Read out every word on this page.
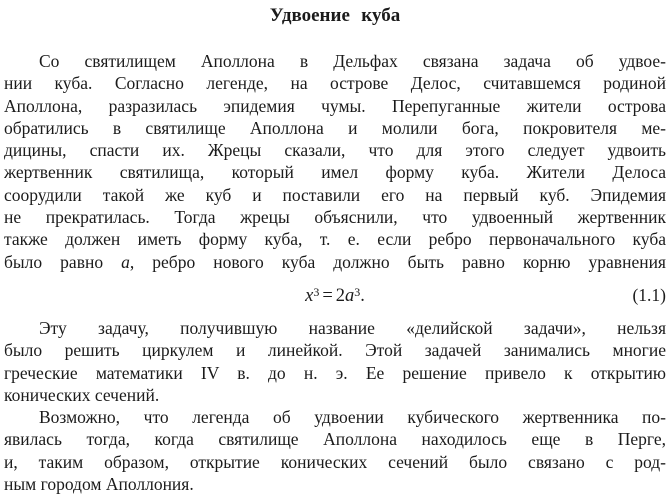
Удвоение куба
Со святилищем Аполлона в Дельфах связана задача об удвое-
нии куба. Согласно легенде, на острове Делос, считавшемся родиной
Аполлона, разразилась эпидемия чумы. Перепуганные жители острова
обратились в святилище Аполлона и молили бога, покровителя ме-
дицины, спасти их. Жрецы сказали, что для этого следует удвоить
жертвенник святилища, который имел форму куба. Жители Делоса
соорудили такой же куб и поставили его на первый куб. Эпидемия
не прекратилась. Тогда жрецы объяснили, что удвоенный жертвенник
также должен иметь форму куба, т. е. если ребро первоначального куба
было равно a, ребро нового куба должно быть равно корню уравнения
$x^3 = 2a^3$.	(1.1)
Эту задачу, получившую название «делийской задачи», нельзя
было решить циркулем и линейкой. Этой задачей занимались многие
греческие математики IV в. до н. э. Ее решение привело к открытию
конических сечений.
Возможно, что легенда об удвоении кубического жертвенника по-
явилась тогда, когда святилище Аполлона находилось еще в Перге,
и, таким образом, открытие конических сечений было связано с род-
ным городом Аполлония.
